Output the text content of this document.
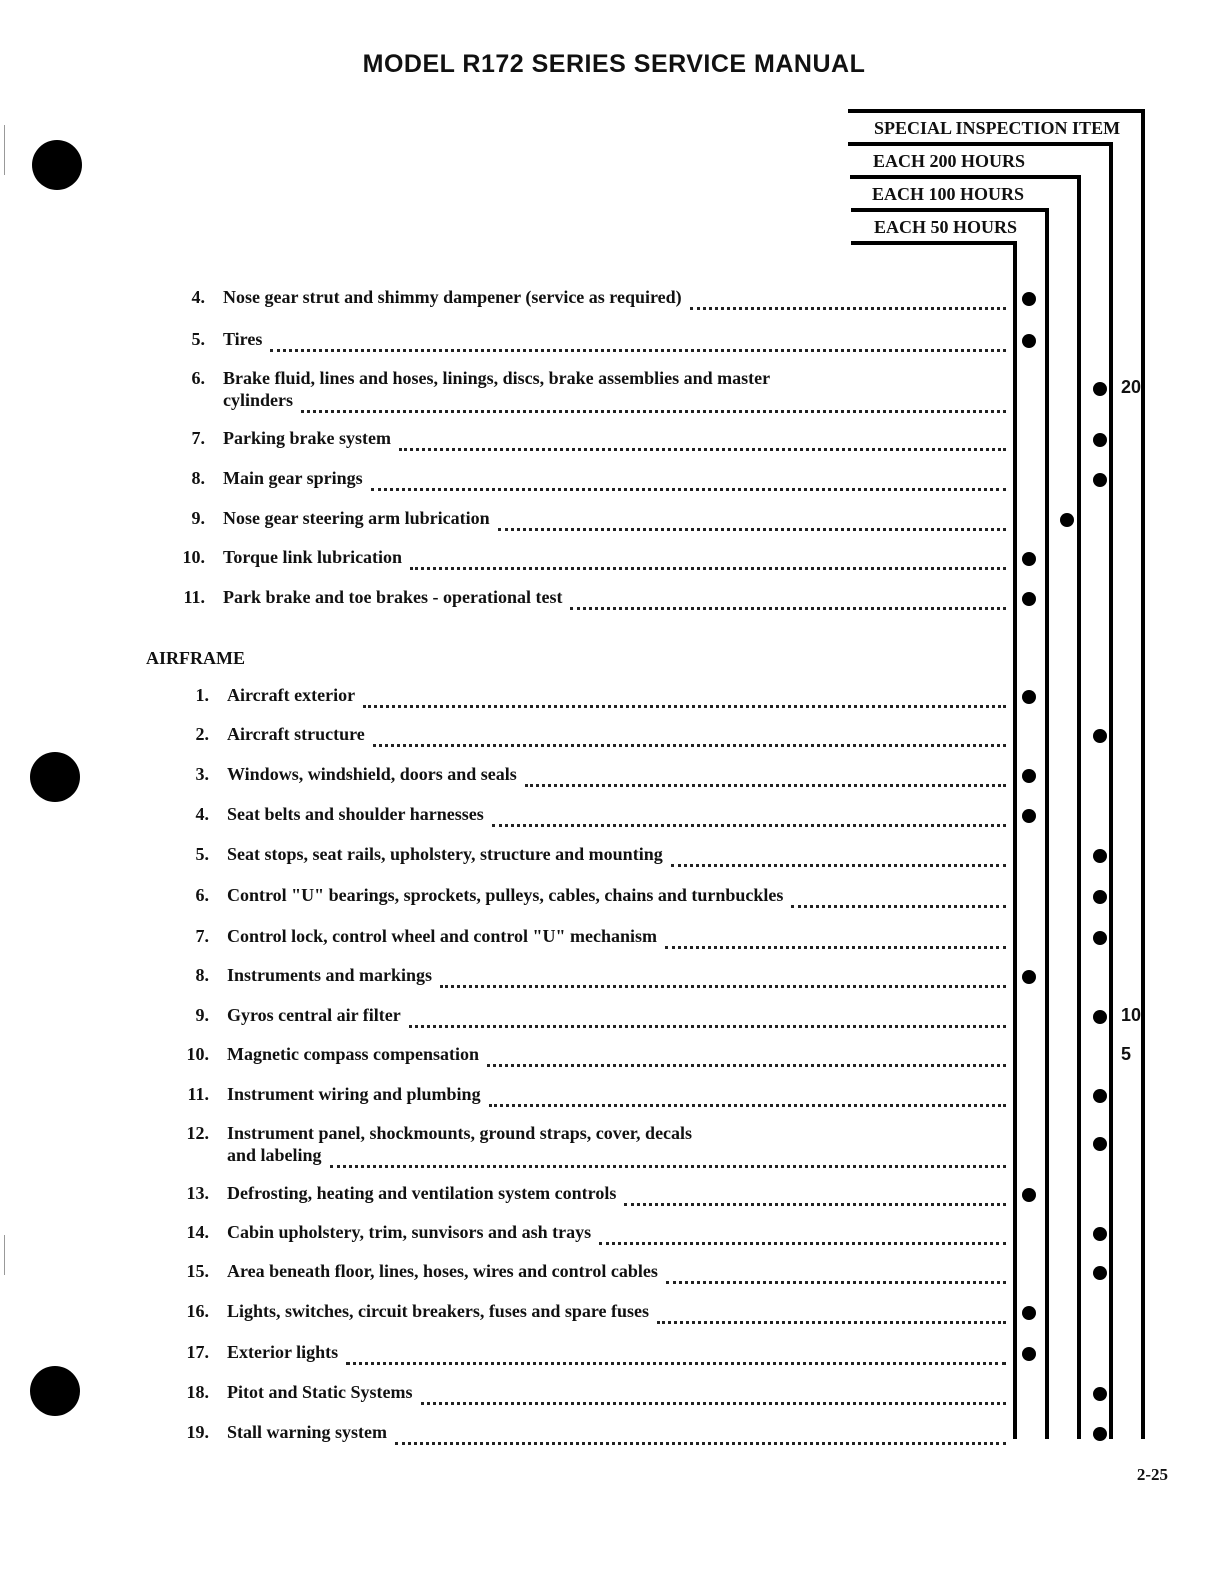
MODEL R172 SERIES SERVICE MANUAL
SPECIAL INSPECTION ITEM
EACH 200 HOURS
EACH 100 HOURS
EACH 50 HOURS
4. Nose gear strut and shimmy dampener (service as required)
5. Tires
6. Brake fluid, lines and hoses, linings, discs, brake assemblies and master
cylinders
20
7. Parking brake system
8. Main gear springs
9. Nose gear steering arm lubrication
10. Torque link lubrication
11. Park brake and toe brakes - operational test
AIRFRAME
1. Aircraft exterior
2. Aircraft structure
3. Windows, windshield, doors and seals
4. Seat belts and shoulder harnesses
5. Seat stops, seat rails, upholstery, structure and mounting
6. Control "U" bearings, sprockets, pulleys, cables, chains and turnbuckles
7. Control lock, control wheel and control "U" mechanism
8. Instruments and markings
9. Gyros central air filter	10
10. Magnetic compass compensation	5
11. Instrument wiring and plumbing
12. Instrument panel, shockmounts, ground straps, cover, decals
and labeling
13. Defrosting, heating and ventilation system controls
14. Cabin upholstery, trim, sunvisors and ash trays
15. Area beneath floor, lines, hoses, wires and control cables
16. Lights, switches, circuit breakers, fuses and spare fuses
17. Exterior lights
18. Pitot and Static Systems
19. Stall warning system
2-25
